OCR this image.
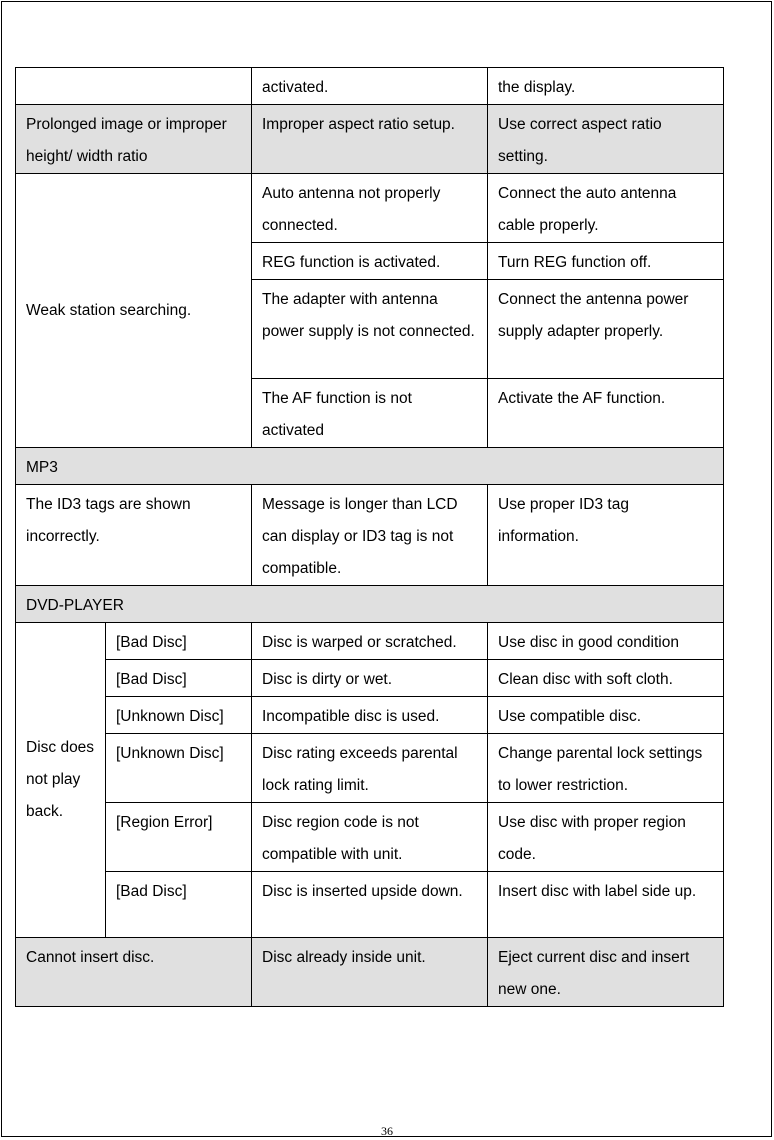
		activated.	the display.
Prolonged image or improper height/ width ratio		Improper aspect ratio setup.	Use correct aspect ratio setting.
Weak station searching.		Auto antenna not properly connected.	Connect the auto antenna cable properly.
		REG function is activated.	Turn REG function off.
		The adapter with antenna power supply is not connected.	Connect the antenna power supply adapter properly.
		The AF function is not activated	Activate the AF function.
MP3			
The ID3 tags are shown incorrectly.		Message is longer than LCD can display or ID3 tag is not compatible.	Use proper ID3 tag information.
DVD-PLAYER			
Disc does not play back.	[Bad Disc]	Disc is warped or scratched.	Use disc in good condition
	[Bad Disc]	Disc is dirty or wet.	Clean disc with soft cloth.
	[Unknown Disc]	Incompatible disc is used.	Use compatible disc.
	[Unknown Disc]	Disc rating exceeds parental lock rating limit.	Change parental lock settings to lower restriction.
	[Region Error]	Disc region code is not compatible with unit.	Use disc with proper region code.
	[Bad Disc]	Disc is inserted upside down.	Insert disc with label side up.
Cannot insert disc.		Disc already inside unit.	Eject current disc and insert new one.
36
